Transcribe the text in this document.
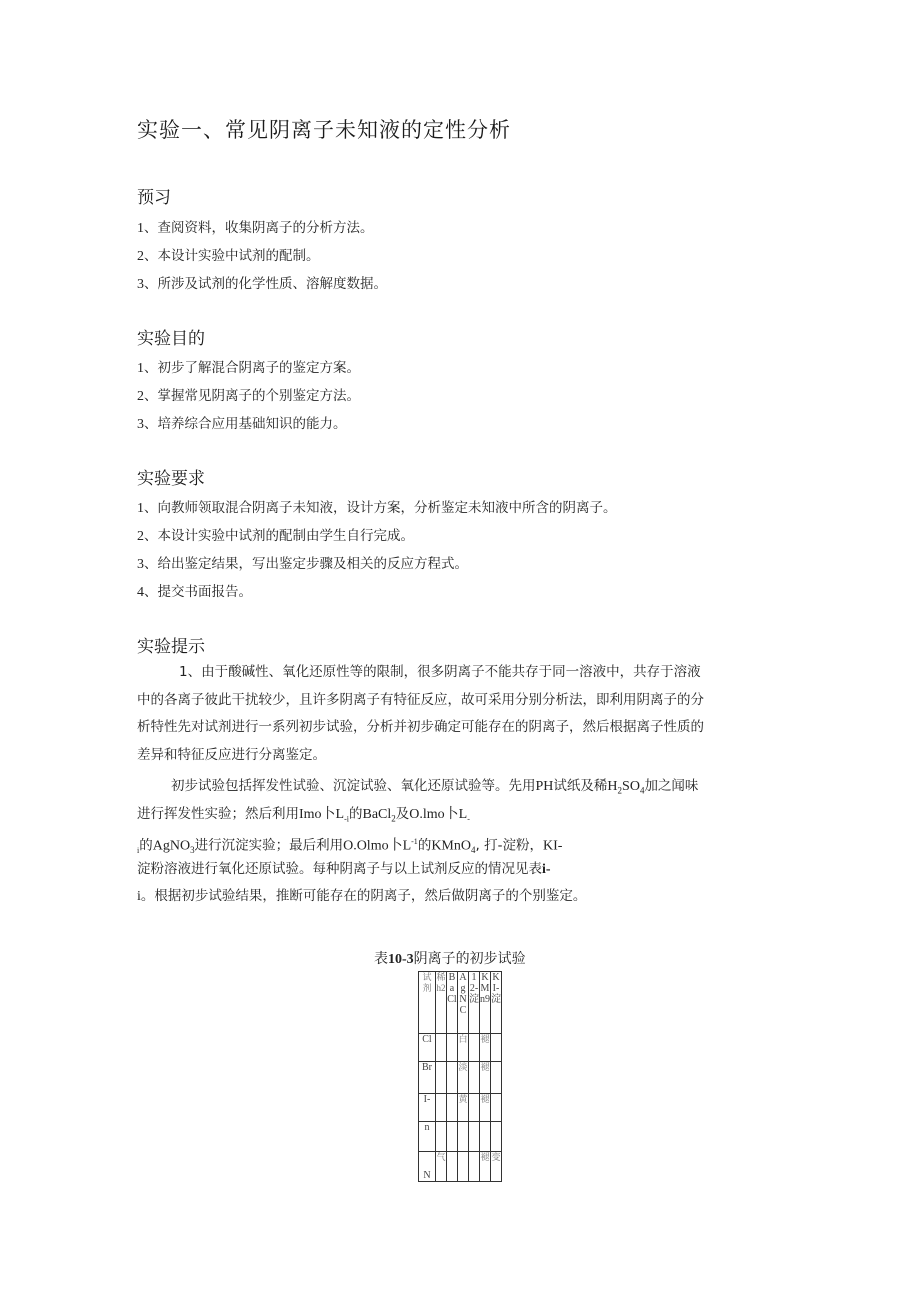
实验一、常见阴离子未知液的定性分析
预习
1、查阅资料，收集阴离子的分析方法。
2、本设计实验中试剂的配制。
3、所涉及试剂的化学性质、溶解度数据。
实验目的
1、初步了解混合阴离子的鉴定方案。
2、掌握常见阴离子的个别鉴定方法。
3、培养综合应用基础知识的能力。
实验要求
1、向教师领取混合阴离子未知液，设计方案，分析鉴定未知液中所含的阴离子。
2、本设计实验中试剂的配制由学生自行完成。
3、给出鉴定结果，写出鉴定步骤及相关的反应方程式。
4、提交书面报告。
实验提示
1、由于酸碱性、氧化还原性等的限制，很多阴离子不能共存于同一溶液中，共存于溶液
中的各离子彼此干扰较少，且许多阴离子有特征反应，故可采用分别分析法，即利用阴离子的分
析特性先对试剂进行一系列初步试验，分析并初步确定可能存在的阴离子，然后根据离子性质的
差异和特征反应进行分离鉴定。
初步试验包括挥发性试验、沉淀试验、氧化还原试验等。先用PH试纸及稀$H_2SO_4$加之闻味
进行挥发性实验；然后利用Imo卜$L_{-i}$的BaCl$_2$及O.lmo卜$L_-$
$_i$的AgNO$_3$进行沉淀实验；最后利用O.Olmo卜$L^{-1}$的KMnO$_4$, 打-淀粉，KI-
淀粉溶液进行氧化还原试验。每种阴离子与以上试剂反应的情况见表i-
i。根据初步试验结果，推断可能存在的阴离子，然后做阴离子的个别鉴定。
表10-3阴离子的初步试验
试剂	稀h2	BaCl	AgNC	1 2-淀	KMn9	KI-淀

Cl			白		褪	

Br			淡		褪	

I-			黄		褪	

n						

N	气				褪	变
